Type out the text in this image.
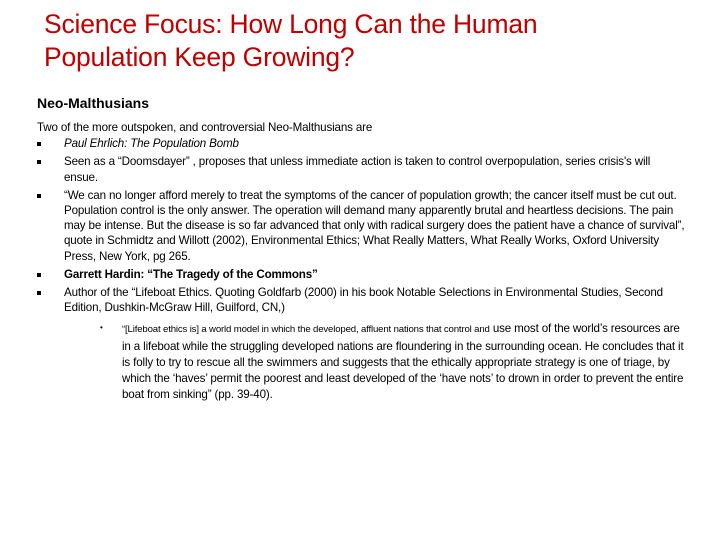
Science Focus: How Long Can the Human
Population Keep Growing?
Neo-Malthusians

Two of the more outspoken, and controversial Neo-Malthusians are

Paul Ehrlich: The Population Bomb
Seen as a “Doomsdayer” , proposes that unless immediate action is taken to control overpopulation, series crisis's will ensue.
“We can no longer afford merely to treat the symptoms of the cancer of population growth; the cancer itself must be cut out. Population control is the only answer. The operation will demand many apparently brutal and heartless decisions. The pain may be intense. But the disease is so far advanced that only with radical surgery does the patient have a chance of survival”, quote in Schmidtz and Willott (2002), Environmental Ethics; What Really Matters, What Really Works, Oxford University Press, New York, pg 265.
Garrett Hardin: “The Tragedy of the Commons”
Author of the “Lifeboat Ethics. Quoting Goldfarb (2000) in his book Notable Selections in Environmental Studies, Second Edition, Dushkin-McGraw Hill, Guilford, CN,)
• “[Lifeboat ethics is] a world model in which the developed, affluent nations that control and use most of the world’s resources are in a lifeboat while the struggling developed nations are floundering in the surrounding ocean. He concludes that it is folly to try to rescue all the swimmers and suggests that the ethically appropriate strategy is one of triage, by which the ‘haves’ permit the poorest and least developed of the ‘have nots’ to drown in order to prevent the entire boat from sinking” (pp. 39-40).
